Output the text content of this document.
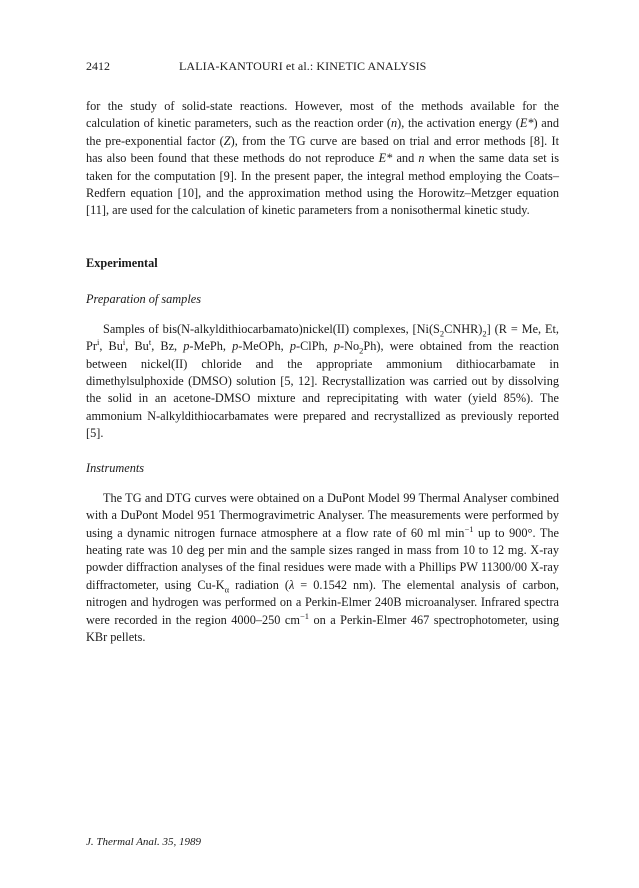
2412	LALIA-KANTOURI et al.: KINETIC ANALYSIS

for the study of solid-state reactions. However, most of the methods available for the calculation of kinetic parameters, such as the reaction order (n), the activation energy (E*) and the pre-exponential factor (Z), from the TG curve are based on trial and error methods [8]. It has also been found that these methods do not reproduce E* and n when the same data set is taken for the computation [9]. In the present paper, the integral method employing the Coats–Redfern equation [10], and the approximation method using the Horowitz–Metzger equation [11], are used for the calculation of kinetic parameters from a nonisothermal kinetic study.

Experimental
Preparation of samples

Samples of bis(N-alkyldithiocarbamato)nickel(II) complexes, $[Ni(S_2CNHR)_2] (R = Me$, Et, Pr$^i$, Bu$^i$, Bu$^t$, Bz, p-MePh, p-MeOPh, p-ClPh, $p-No_2Ph$), were obtained from the reaction between nickel(II) chloride and the appropriate ammonium dithiocarbamate in dimethylsulphoxide (DMSO) solution [5, 12]. Recrystallization was carried out by dissolving the solid in an acetone-DMSO mixture and reprecipitating with water (yield 85%). The ammonium N-alkyldithiocarbamates were prepared and recrystallized as previously reported [5].

Instruments

The TG and DTG curves were obtained on a DuPont Model 99 Thermal Analyser combined with a DuPont Model 951 Thermogravimetric Analyser. The measurements were performed by using a dynamic nitrogen furnace atmosphere at a flow rate of 60 ml $\min^{-1}$ up to 900°. The heating rate was 10 deg per min and the sample sizes ranged in mass from 10 to 12 mg. X-ray powder diffraction analyses of the final residues were made with a Phillips PW 11300/00 X-ray diffractometer, using $Cu-K_\alpha$ radiation (λ = 0.1542 nm). The elemental analysis of carbon, nitrogen and hydrogen was performed on a Perkin-Elmer 240B microanalyser. Infrared spectra were recorded in the region 4000–250 $cm^{-1}$ on a Perkin-Elmer 467 spectrophotometer, using KBr pellets.

J. Thermal Anal. 35, 1989
